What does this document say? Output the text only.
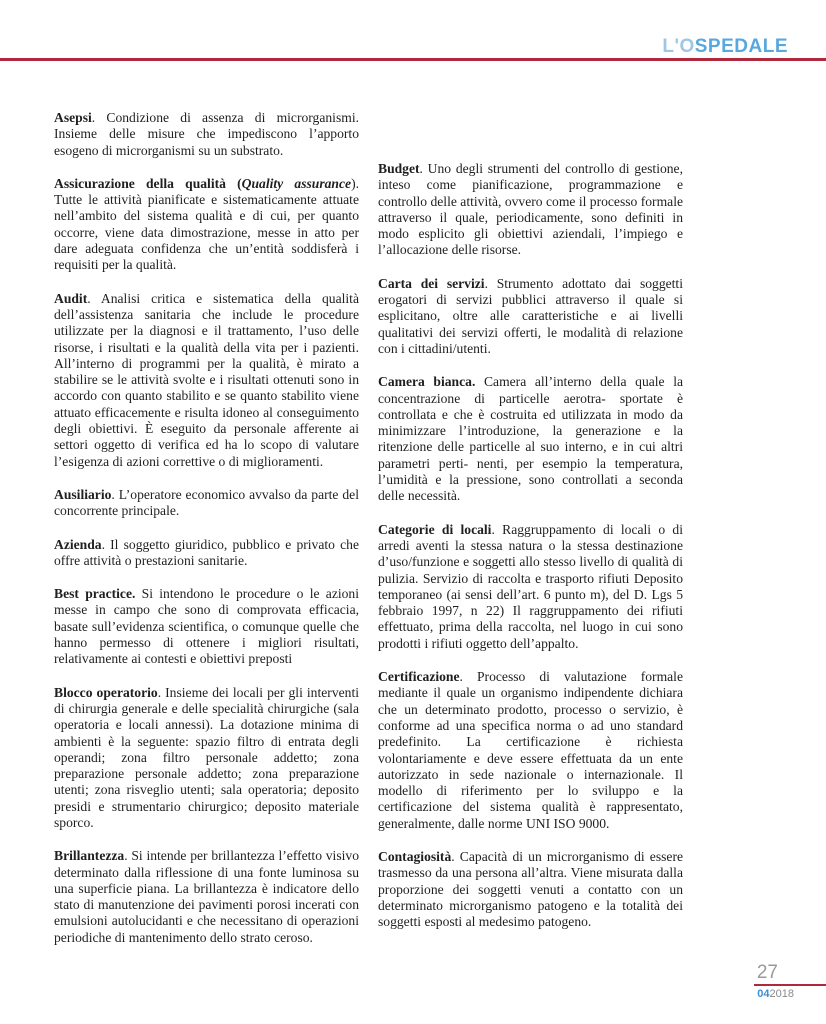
L'OSPEDALE

Asepsi. Condizione di assenza di microrganismi. Insieme delle misure che impediscono l’apporto esogeno di microrganismi su un substrato.

Assicurazione della qualità (Quality assurance). Tutte le attività pianificate e sistematicamente attuate nell’ambito del sistema qualità e di cui, per quanto occorre, viene data dimostrazione, messe in atto per dare adeguata confidenza che un’entità soddisferà i requisiti per la qualità.

Audit. Analisi critica e sistematica della qualità dell’assistenza sanitaria che include le procedure utilizzate per la diagnosi e il trattamento, l’uso delle risorse, i risultati e la qualità della vita per i pazienti. All’interno di programmi per la qualità, è mirato a stabilire se le attività svolte e i risultati ottenuti sono in accordo con quanto stabilito e se quanto stabilito viene attuato efficacemente e risulta idoneo al conseguimento degli obiettivi. È eseguito da personale afferente ai settori oggetto di verifica ed ha lo scopo di valutare l’esigenza di azioni correttive o di miglioramenti.

Ausiliario. L’operatore economico avvalso da parte del concorrente principale.

Azienda. Il soggetto giuridico, pubblico e privato che offre attività o prestazioni sanitarie.

Best practice. Si intendono le procedure o le azioni messe in campo che sono di comprovata efficacia, basate sull’evidenza scientifica, o comunque quelle che hanno permesso di ottenere i migliori risultati, relativamente ai contesti e obiettivi preposti

Blocco operatorio. Insieme dei locali per gli interventi di chirurgia generale e delle specialità chirurgiche (sala operatoria e locali annessi). La dotazione minima di ambienti è la seguente: spazio filtro di entrata degli operandi; zona filtro personale addetto; zona preparazione personale addetto; zona preparazione utenti; zona risveglio utenti; sala operatoria; deposito presidi e strumentario chirurgico; deposito materiale sporco.

Brillantezza. Si intende per brillantezza l’effetto visivo determinato dalla riflessione di una fonte luminosa su una superficie piana. La brillantezza è indicatore dello stato di manutenzione dei pavimenti porosi incerati con emulsioni autolucidanti e che necessitano di operazioni periodiche di mantenimento dello strato ceroso.

Budget. Uno degli strumenti del controllo di gestione, inteso come pianificazione, programmazione e controllo delle attività, ovvero come il processo formale attraverso il quale, periodicamente, sono definiti in modo esplicito gli obiettivi aziendali, l’impiego e l’allocazione delle risorse.

Carta dei servizi. Strumento adottato dai soggetti erogatori di servizi pubblici attraverso il quale si esplicitano, oltre alle caratteristiche e ai livelli qualitativi dei servizi offerti, le modalità di relazione con i cittadini/utenti.

Camera bianca. Camera all’interno della quale la concentrazione di particelle aerotra- sportate è controllata e che è costruita ed utilizzata in modo da minimizzare l’introduzione, la generazione e la ritenzione delle particelle al suo interno, e in cui altri parametri perti- nenti, per esempio la temperatura, l’umidità e la pressione, sono controllati a seconda delle necessità.

Categorie di locali. Raggruppamento di locali o di arredi aventi la stessa natura o la stessa destinazione d’uso/funzione e soggetti allo stesso livello di qualità di pulizia. Servizio di raccolta e trasporto rifiuti Deposito temporaneo (ai sensi dell’art. 6 punto m), del D. Lgs 5 febbraio 1997, n 22) Il raggruppamento dei rifiuti effettuato, prima della raccolta, nel luogo in cui sono prodotti i rifiuti oggetto dell’appalto.

Certificazione. Processo di valutazione formale mediante il quale un organismo indipendente dichiara che un determinato prodotto, processo o servizio, è conforme ad una specifica norma o ad uno standard predefinito. La certificazione è richiesta volontariamente e deve essere effettuata da un ente autorizzato in sede nazionale o internazionale. Il modello di riferimento per lo sviluppo e la certificazione del sistema qualità è rappresentato, generalmente, dalle norme UNI ISO 9000.

Contagiosità. Capacità di un microrganismo di essere trasmesso da una persona all’altra. Viene misurata dalla proporzione dei soggetti venuti a contatto con un determinato microrganismo patogeno e la totalità dei soggetti esposti al medesimo patogeno.

27
042018
